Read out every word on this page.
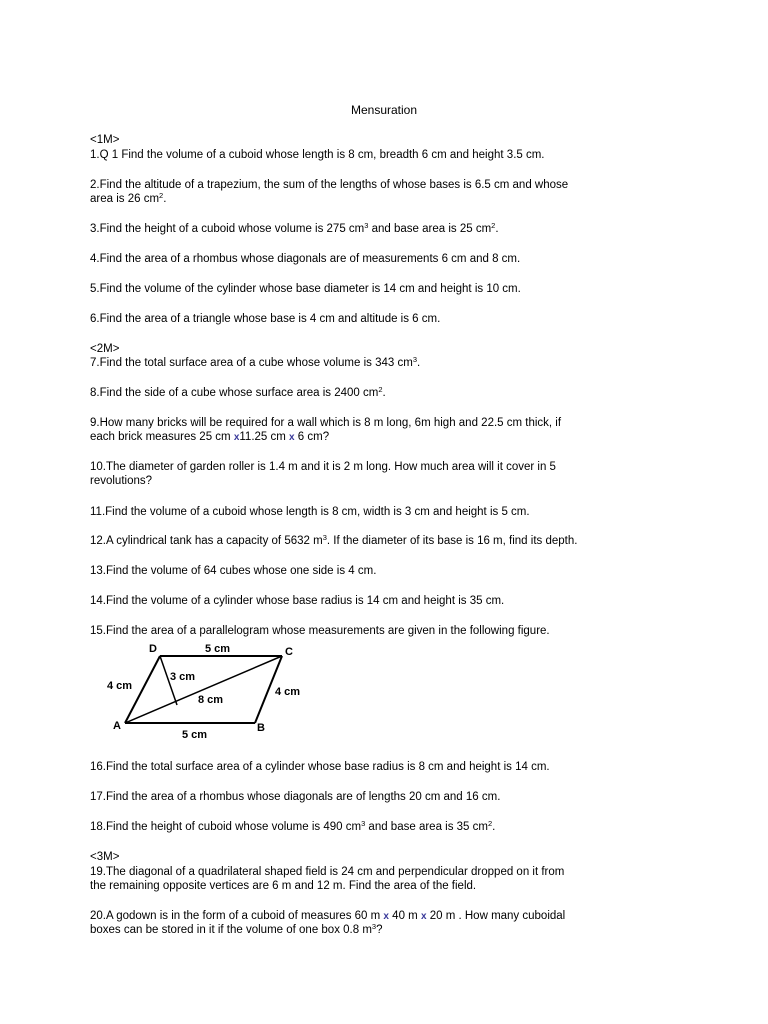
Mensuration
<1M>
1.Q 1 Find the volume of a cuboid whose length is 8 cm, breadth 6 cm and height 3.5 cm.
2.Find the altitude of a trapezium, the sum of the lengths of whose bases is 6.5 cm and whose
area is 26 $cm^2$.
3.Find the height of a cuboid whose volume is 275 $cm^3$ and base area is 25 $cm^2$.
4.Find the area of a rhombus whose diagonals are of measurements 6 cm and 8 cm.
5.Find the volume of the cylinder whose base diameter is 14 cm and height is 10 cm.
6.Find the area of a triangle whose base is 4 cm and altitude is 6 cm.
<2M>
7.Find the total surface area of a cube whose volume is 343 $cm^3$.
8.Find the side of a cube whose surface area is 2400 $cm^2$.
9.How many bricks will be required for a wall which is 8 m long, 6m high and 22.5 cm thick, if
each brick measures 25 cm x11.25 cm x 6 cm?
10.The diameter of garden roller is 1.4 m and it is 2 m long. How much area will it cover in 5
revolutions?
11.Find the volume of a cuboid whose length is 8 cm, width is 3 cm and height is 5 cm.
12.A cylindrical tank has a capacity of 5632 $m^3$. If the diameter of its base is 16 m, find its depth.
13.Find the volume of 64 cubes whose one side is 4 cm.
14.Find the volume of a cylinder whose base radius is 14 cm and height is 35 cm.
15.Find the area of a parallelogram whose measurements are given in the following figure.
D	C
A	B
5 cm
5 cm
4 cm	4 cm
3 cm
8 cm
16.Find the total surface area of a cylinder whose base radius is 8 cm and height is 14 cm.
17.Find the area of a rhombus whose diagonals are of lengths 20 cm and 16 cm.
18.Find the height of cuboid whose volume is 490 $cm^3$ and base area is 35 $cm^2$.
<3M>
19.The diagonal of a quadrilateral shaped field is 24 cm and perpendicular dropped on it from
the remaining opposite vertices are 6 m and 12 m. Find the area of the field.
20.A godown is in the form of a cuboid of measures 60 m x 40 m x 20 m . How many cuboidal
boxes can be stored in it if the volume of one box 0.8 $m^3$?
